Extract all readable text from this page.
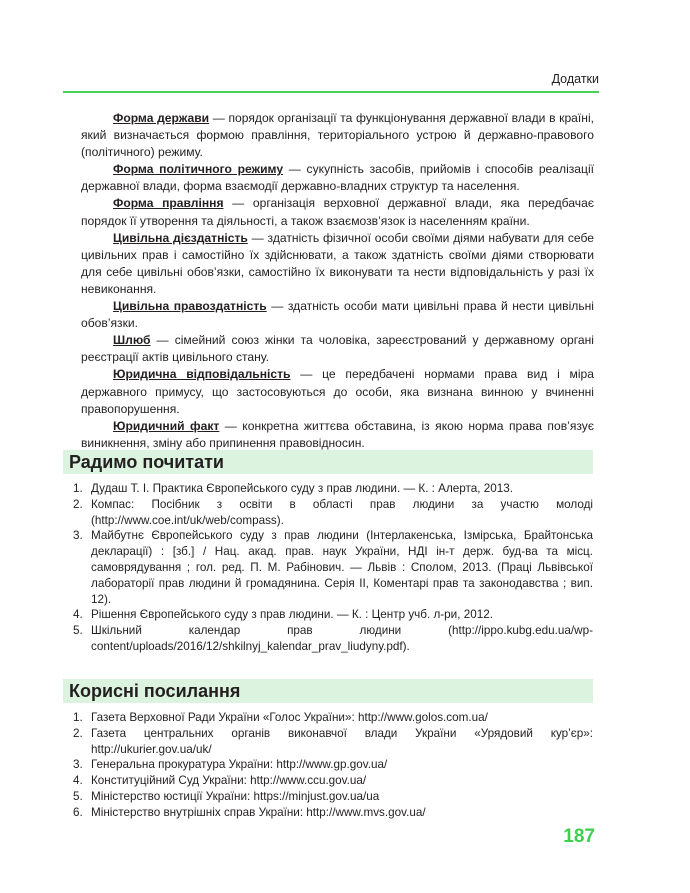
Додатки

Форма держави — порядок організації та функціонування державної влади в країні, який визначається формою правління, територіального устрою й державно-правового (політичного) режиму.

Форма політичного режиму — сукупність засобів, прийомів і способів реалізації державної влади, форма взаємодії державно-владних структур та населення.

Форма правління — організація верховної державної влади, яка передбачає порядок її утворення та діяльності, а також взаємозв’язок із населенням країни.

Цивільна дієздатність — здатність фізичної особи своїми діями набувати для себе цивільних прав і самостійно їх здійснювати, а також здатність своїми діями створювати для себе цивільні обов’язки, самостійно їх виконувати та нести відповідальність у разі їх невиконання.

Цивільна правоздатність — здатність особи мати цивільні права й нести цивільні обов’язки.

Шлюб — сімейний союз жінки та чоловіка, зареєстрований у державному органі реєстрації актів цивільного стану.

Юридична відповідальність — це передбачені нормами права вид і міра державного примусу, що застосовуються до особи, яка визнана винною у вчиненні правопорушення.

Юридичний факт — конкретна життєва обставина, із якою норма права пов’язує виникнення, зміну або припинення правовідносин.

Радимо почитати
1. Дудаш Т. І. Практика Європейського суду з прав людини. — К. : Алерта, 2013.
2. Компас: Посібник з освіти в області прав людини за участю молоді (http://www.coe.int/uk/web/compass).
3. Майбутнє Європейського суду з прав людини (Інтерлакенська, Ізмірська, Брайтонська декларації) : [зб.] / Нац. акад. прав. наук України, НДІ ін-т держ. буд-ва та місц. самоврядування ; гол. ред. П. М. Рабінович. — Львів : Сполом, 2013. (Праці Львівської лабораторії прав людини й громадянина. Серія ІІ, Коментарі прав та законодавства ; вип. 12).
4. Рішення Європейського суду з прав людини. — К. : Центр учб. л-ри, 2012.
5. Шкільний календар прав людини (http://ippo.kubg.edu.ua/wp-content/uploads/2016/12/shkilnyj_kalendar_prav_liudyny.pdf).
Корисні посилання
1. Газета Верховної Ради України «Голос України»: http://www.golos.com.ua/
2. Газета центральних органів виконавчої влади України «Урядовий кур’єр»: http://ukurier.gov.ua/uk/
3. Генеральна прокуратура України: http://www.gp.gov.ua/
4. Конституційний Суд України: http://www.ccu.gov.ua/
5. Міністерство юстиції України: https://minjust.gov.ua/ua
6. Міністерство внутрішніх справ України: http://www.mvs.gov.ua/
187
